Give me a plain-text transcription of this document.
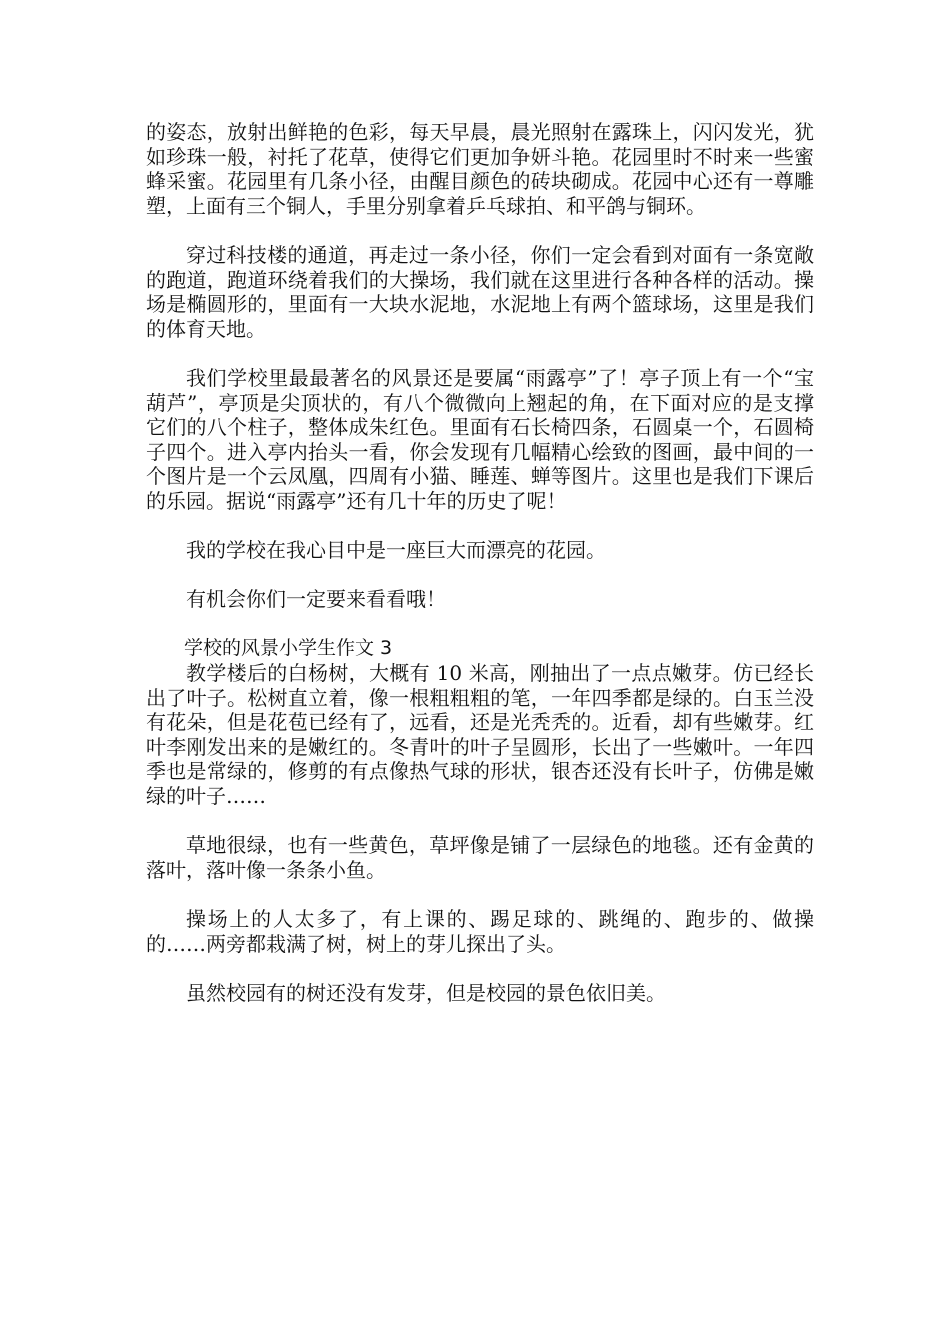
的姿态，放射出鲜艳的色彩，每天早晨，晨光照射在露珠上，闪闪发光，犹如珍珠一般，衬托了花草，使得它们更加争妍斗艳。花园里时不时来一些蜜蜂采蜜。花园里有几条小径，由醒目颜色的砖块砌成。花园中心还有一尊雕塑，上面有三个铜人，手里分别拿着乒乓球拍、和平鸽与铜环。

穿过科技楼的通道，再走过一条小径，你们一定会看到对面有一条宽敞的跑道，跑道环绕着我们的大操场，我们就在这里进行各种各样的活动。操场是椭圆形的，里面有一大块水泥地，水泥地上有两个篮球场，这里是我们的体育天地。

我们学校里最最著名的风景还是要属“雨露亭”了！亭子顶上有一个“宝葫芦”，亭顶是尖顶状的，有八个微微向上翘起的角，在下面对应的是支撑它们的八个柱子，整体成朱红色。里面有石长椅四条，石圆桌一个，石圆椅子四个。进入亭内抬头一看，你会发现有几幅精心绘致的图画，最中间的一个图片是一个云凤凰，四周有小猫、睡莲、蝉等图片。这里也是我们下课后的乐园。据说“雨露亭”还有几十年的历史了呢！

我的学校在我心目中是一座巨大而漂亮的花园。

有机会你们一定要来看看哦！

学校的风景小学生作文 3

教学楼后的白杨树，大概有 10 米高，刚抽出了一点点嫩芽。仿已经长出了叶子。松树直立着，像一根粗粗粗的笔，一年四季都是绿的。白玉兰没有花朵，但是花苞已经有了，远看，还是光秃秃的。近看，却有些嫩芽。红叶李刚发出来的是嫩红的。冬青叶的叶子呈圆形，长出了一些嫩叶。一年四季也是常绿的，修剪的有点像热气球的形状，银杏还没有长叶子，仿佛是嫩绿的叶子……

草地很绿，也有一些黄色，草坪像是铺了一层绿色的地毯。还有金黄的落叶，落叶像一条条小鱼。

操场上的人太多了，有上课的、踢足球的、跳绳的、跑步的、做操的……两旁都栽满了树，树上的芽儿探出了头。

虽然校园有的树还没有发芽，但是校园的景色依旧美。
